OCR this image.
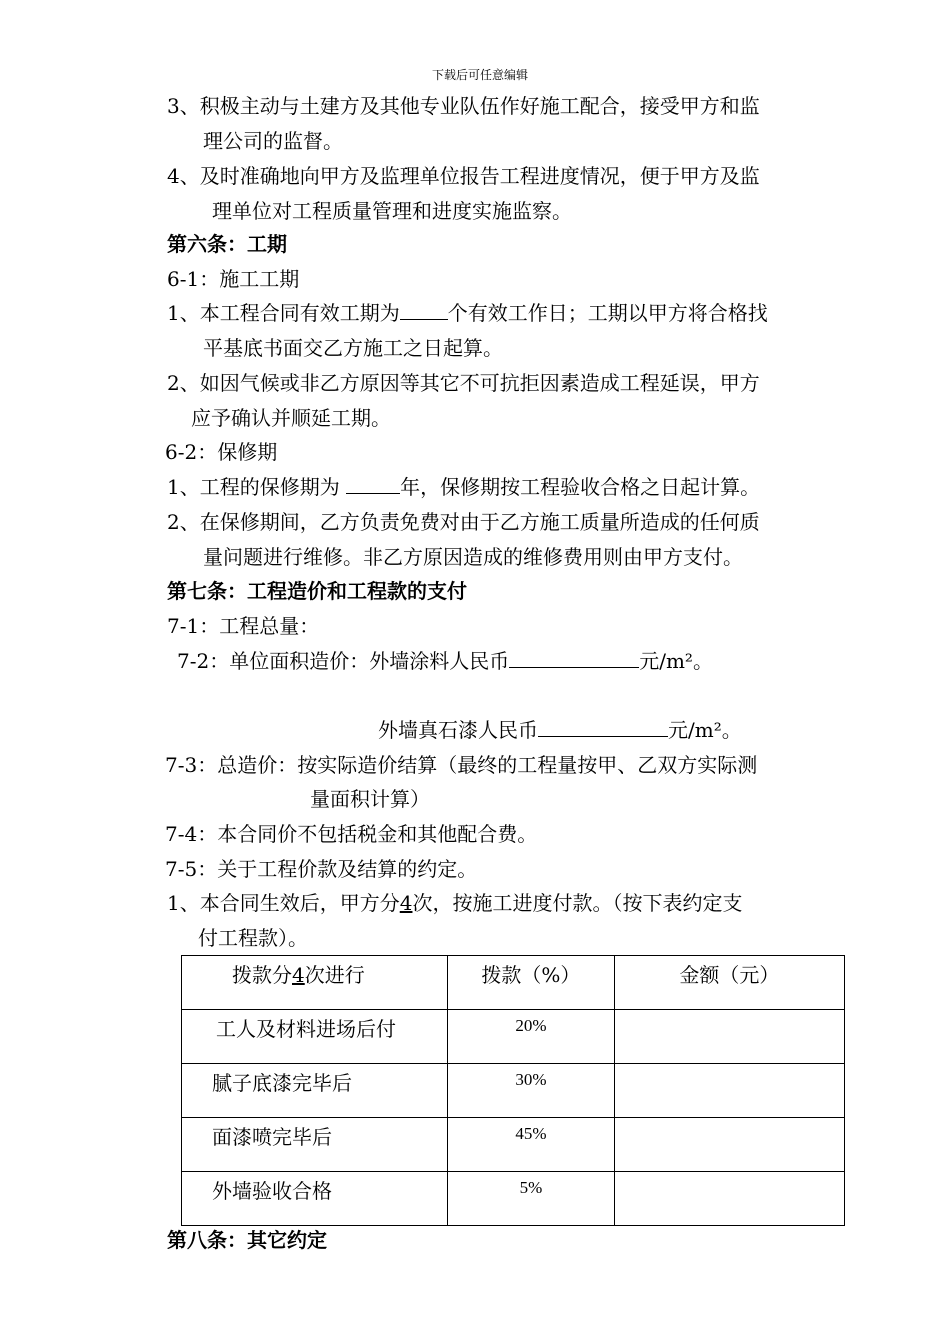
下载后可任意编辑
3、积极主动与土建方及其他专业队伍作好施工配合，接受甲方和监
理公司的监督。
4、及时准确地向甲方及监理单位报告工程进度情况，便于甲方及监
理单位对工程质量管理和进度实施监察。
第六条：工期
6-1：施工工期
1、本工程合同有效工期为 个有效工作日；工期以甲方将合格找
平基底书面交乙方施工之日起算。
2、如因气候或非乙方原因等其它不可抗拒因素造成工程延误，甲方
应予确认并顺延工期。
6-2：保修期
1、工程的保修期为	年，保修期按工程验收合格之日起计算。
2、在保修期间，乙方负责免费对由于乙方施工质量所造成的任何质
量问题进行维修。非乙方原因造成的维修费用则由甲方支付。
第七条：工程造价和工程款的支付
7-1：工程总量：
7-2：单位面积造价：外墙涂料人民币	元/m²。
外墙真石漆人民币	元/m²。
7-3：总造价：按实际造价结算（最终的工程量按甲、乙双方实际测
量面积计算）
7-4：本合同价不包括税金和其他配合费。
7-5：关于工程价款及结算的约定。
1、本合同生效后，甲方分4次，按施工进度付款。（按下表约定支
付工程款）。
拨款分4次进行	拨款（%）	金额（元）

工人及材料进场后付	20%	

腻子底漆完毕后	30%	

面漆喷完毕后	45%	

外墙验收合格	5%	

第八条：其它约定
